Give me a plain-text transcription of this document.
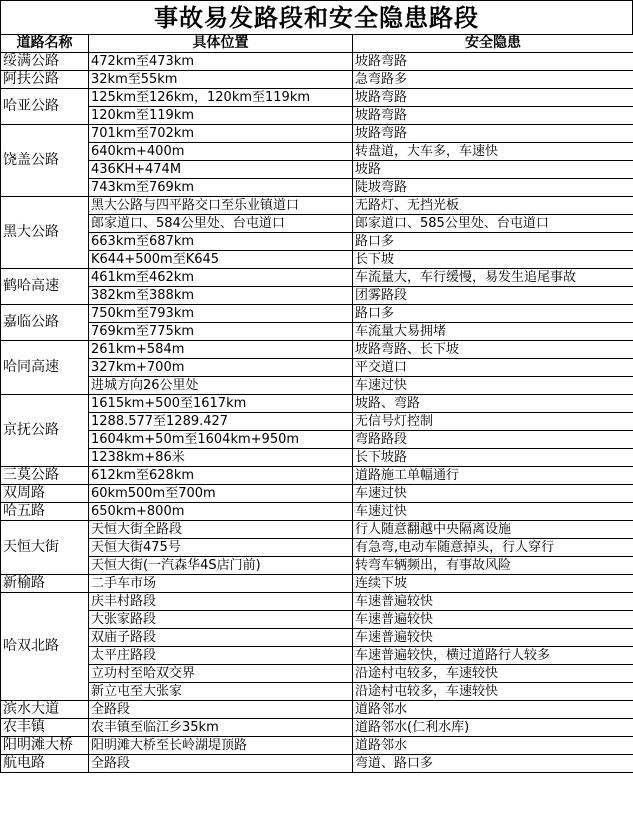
事故易发路段和安全隐患路段
道路名称	具体位置	安全隐患
绥满公路	472km至473km	坡路弯路
阿扶公路	32km至55km	急弯路多
哈亚公路	125km至126km，120km至119km	坡路弯路
	120km至119km	坡路弯路
饶盖公路	701km至702km	坡路弯路
	640km+400m	转盘道，大车多，车速快
	436KH+474M	坡路
	743km至769km	陡坡弯路
黑大公路	黑大公路与四平路交口至乐业镇道口	无路灯、无挡光板
	郎家道口、584公里处、台屯道口	郎家道口、585公里处、台屯道口
	663km至687km	路口多
	K644+500m至K645	长下坡
鹤哈高速	461km至462km	车流量大，车行缓慢，易发生追尾事故
	382km至388km	团雾路段
嘉临公路	750km至793km	路口多
	769km至775km	车流量大易拥堵
哈同高速	261km+584m	坡路弯路、长下坡
	327km+700m	平交道口
	进城方向26公里处	车速过快
京抚公路	1615km+500至1617km	坡路、弯路
	1288.577至1289.427	无信号灯控制
	1604km+50m至1604km+950m	弯路路段
	1238km+86米	长下坡路
三莫公路	612km至628km	道路施工单幅通行
双周路	60km500m至700m	车速过快
哈五路	650km+800m	车速过快
天恒大街	天恒大街全路段	行人随意翻越中央隔离设施
	天恒大街475号	有急弯,电动车随意掉头，行人穿行
	天恒大街(一汽森华4S店门前)	转弯车辆频出，有事故风险
新榆路	二手车市场	连续下坡
哈双北路	庆丰村路段	车速普遍较快
	大张家路段	车速普遍较快
	双庙子路段	车速普遍较快
	太平庄路段	车速普遍较快，横过道路行人较多
	立功村至哈双交界	沿途村屯较多，车速较快
	新立屯至大张家	沿途村屯较多，车速较快
滨水大道	全路段	道路邻水
农丰镇	农丰镇至临江乡35km	道路邻水(仁利水库)
阳明滩大桥	阳明滩大桥至长岭湖堤顶路	道路邻水
航电路	全路段	弯道、路口多
